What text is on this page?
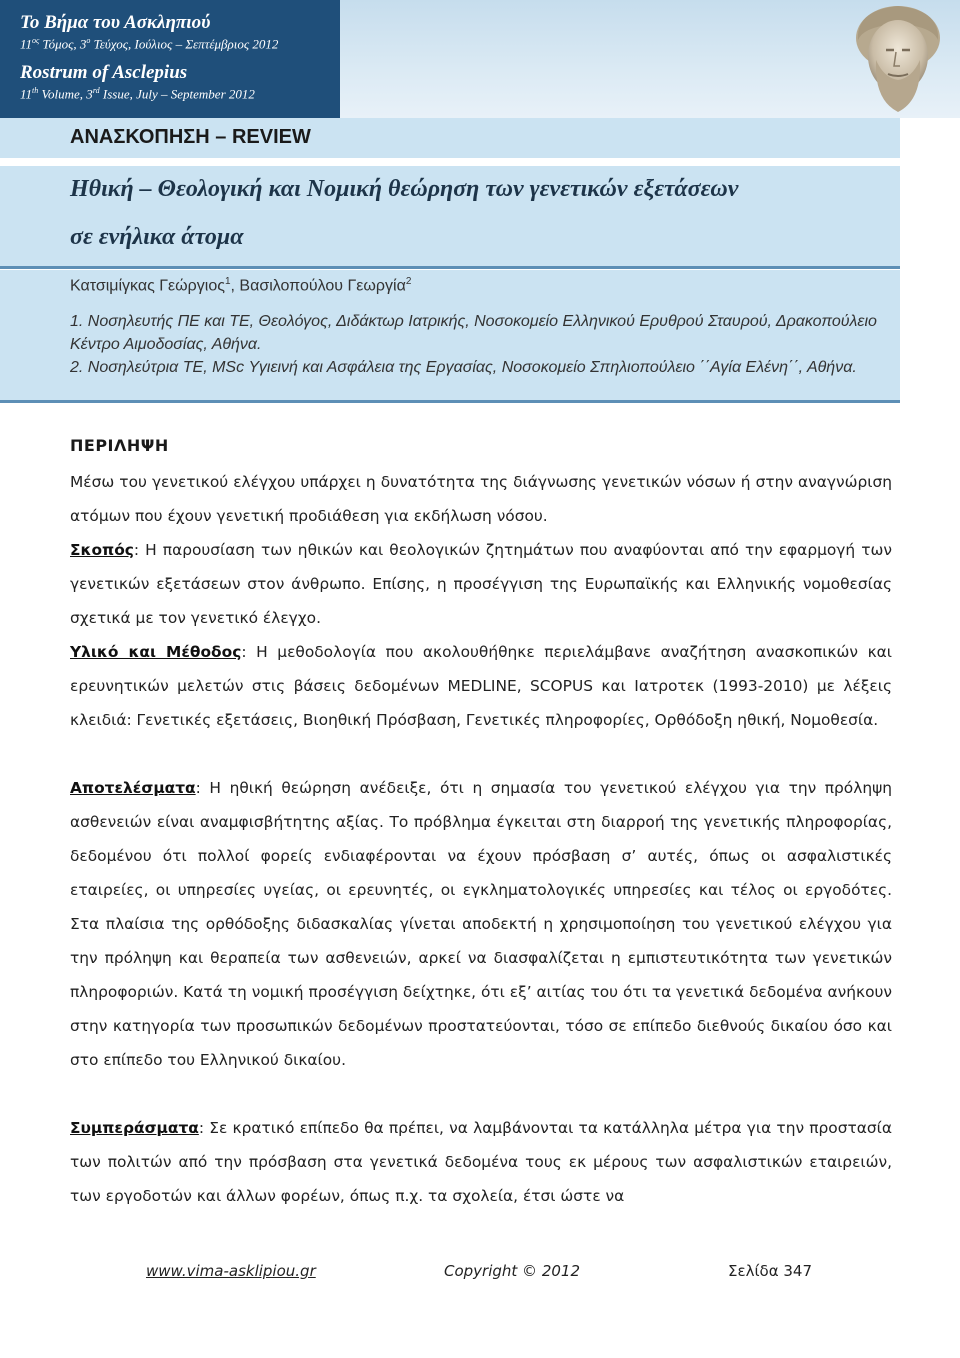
Το Βήμα του Ασκληπιού
$11^{o\varsigma}$ Τόμος, $3^o$ Τεύχος, Ιούλιος – Σεπτέμβριος 2012
Rostrum of Asclepius
11th Volume, 3rd Issue, July – September 2012
ΑΝΑΣΚΟΠΗΣΗ – REVIEW
Ηθική – Θεολογική και Νομική θεώρηση των γενετικών εξετάσεων
σε ενήλικα άτομα
Κατσιμίγκας Γεώργιος$^1$, Βασιλοπούλου Γεωργία$^2$
1. Νοσηλευτής ΠΕ και ΤΕ, Θεολόγος, Διδάκτωρ Ιατρικής, Νοσοκομείο Ελληνικού Ερυθρού Σταυρού, Δρακοπούλειο Κέντρο Αιμοδοσίας, Αθήνα.
2. Νοσηλεύτρια ΤΕ, MSc Υγιεινή και Ασφάλεια της Εργασίας, Νοσοκομείο Σπηλιοπούλειο ΄΄Αγία Ελένη΄΄, Αθήνα.
ΠΕΡΙΛΗΨΗ
Μέσω του γενετικού ελέγχου υπάρχει η δυνατότητα της διάγνωσης γενετικών νόσων ή στην αναγνώριση ατόμων που έχουν γενετική προδιάθεση για εκδήλωση νόσου.
Σκοπός: Η παρουσίαση των ηθικών και θεολογικών ζητημάτων που αναφύονται από την εφαρμογή των γενετικών εξετάσεων στον άνθρωπο. Επίσης, η προσέγγιση της Ευρωπαϊκής και Ελληνικής νομοθεσίας σχετικά με τον γενετικό έλεγχο.
Υλικό και Μέθοδος: Η μεθοδολογία που ακολουθήθηκε περιελάμβανε αναζήτηση ανασκοπικών και ερευνητικών μελετών στις βάσεις δεδομένων MEDLINE, SCOPUS και Ιατροτεκ (1993-2010) με λέξεις κλειδιά: Γενετικές εξετάσεις, Βιοηθική Πρόσβαση, Γενετικές πληροφορίες, Ορθόδοξη ηθική, Νομοθεσία.
Αποτελέσματα: Η ηθική θεώρηση ανέδειξε, ότι η σημασία του γενετικού ελέγχου για την πρόληψη ασθενειών είναι αναμφισβήτητης αξίας. Το πρόβλημα έγκειται στη διαρροή της γενετικής πληροφορίας, δεδομένου ότι πολλοί φορείς ενδιαφέρονται να έχουν πρόσβαση σ’ αυτές, όπως οι ασφαλιστικές εταιρείες, οι υπηρεσίες υγείας, οι ερευνητές, οι εγκληματολογικές υπηρεσίες και τέλος οι εργοδότες. Στα πλαίσια της ορθόδοξης διδασκαλίας γίνεται αποδεκτή η χρησιμοποίηση του γενετικού ελέγχου για την πρόληψη και θεραπεία των ασθενειών, αρκεί να διασφαλίζεται η εμπιστευτικότητα των γενετικών πληροφοριών. Κατά τη νομική προσέγγιση δείχτηκε, ότι εξ’ αιτίας του ότι τα γενετικά δεδομένα ανήκουν στην κατηγορία των προσωπικών δεδομένων προστατεύονται, τόσο σε επίπεδο διεθνούς δικαίου όσο και στο επίπεδο του Ελληνικού δικαίου.
Συμπεράσματα: Σε κρατικό επίπεδο θα πρέπει, να λαμβάνονται τα κατάλληλα μέτρα για την προστασία των πολιτών από την πρόσβαση στα γενετικά δεδομένα τους εκ μέρους των ασφαλιστικών εταιρειών, των εργοδοτών και άλλων φορέων, όπως π.χ. τα σχολεία, έτσι ώστε να
www.vima-asklipiou.gr	Copyright © 2012	Σελίδα 347
